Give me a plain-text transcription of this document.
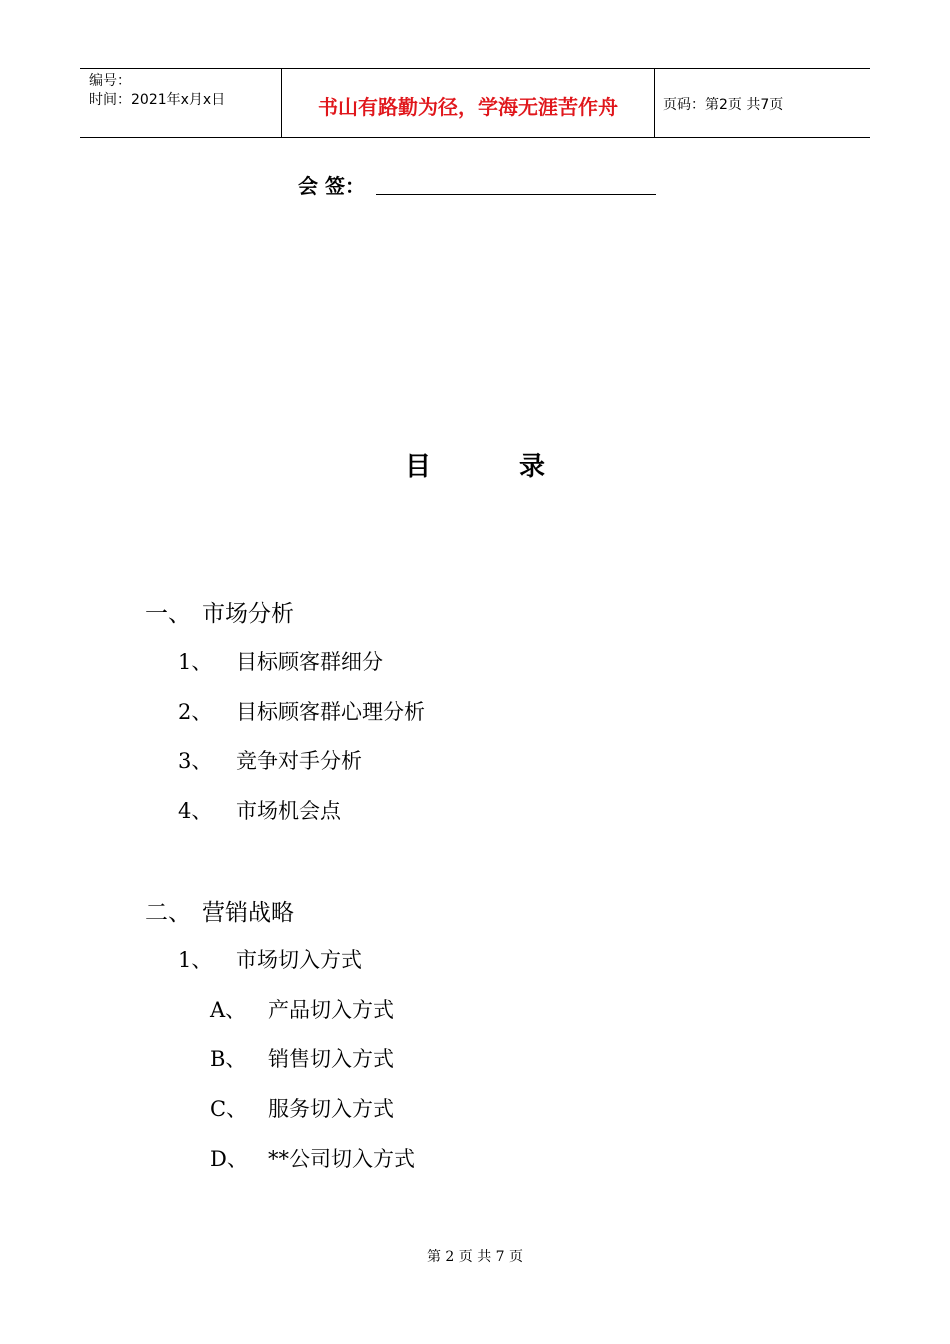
编号：
时间：2021年x月x日	书山有路勤为径，学海无涯苦作舟	页码：第2页 共7页
会 签：
目录
一、 市场分析
1、 目标顾客群细分
2、 目标顾客群心理分析
3、 竞争对手分析
4、 市场机会点
二、 营销战略
1、 市场切入方式
A、 产品切入方式
B、 销售切入方式
C、 服务切入方式
D、 **公司切入方式
第 2 页 共 7 页
